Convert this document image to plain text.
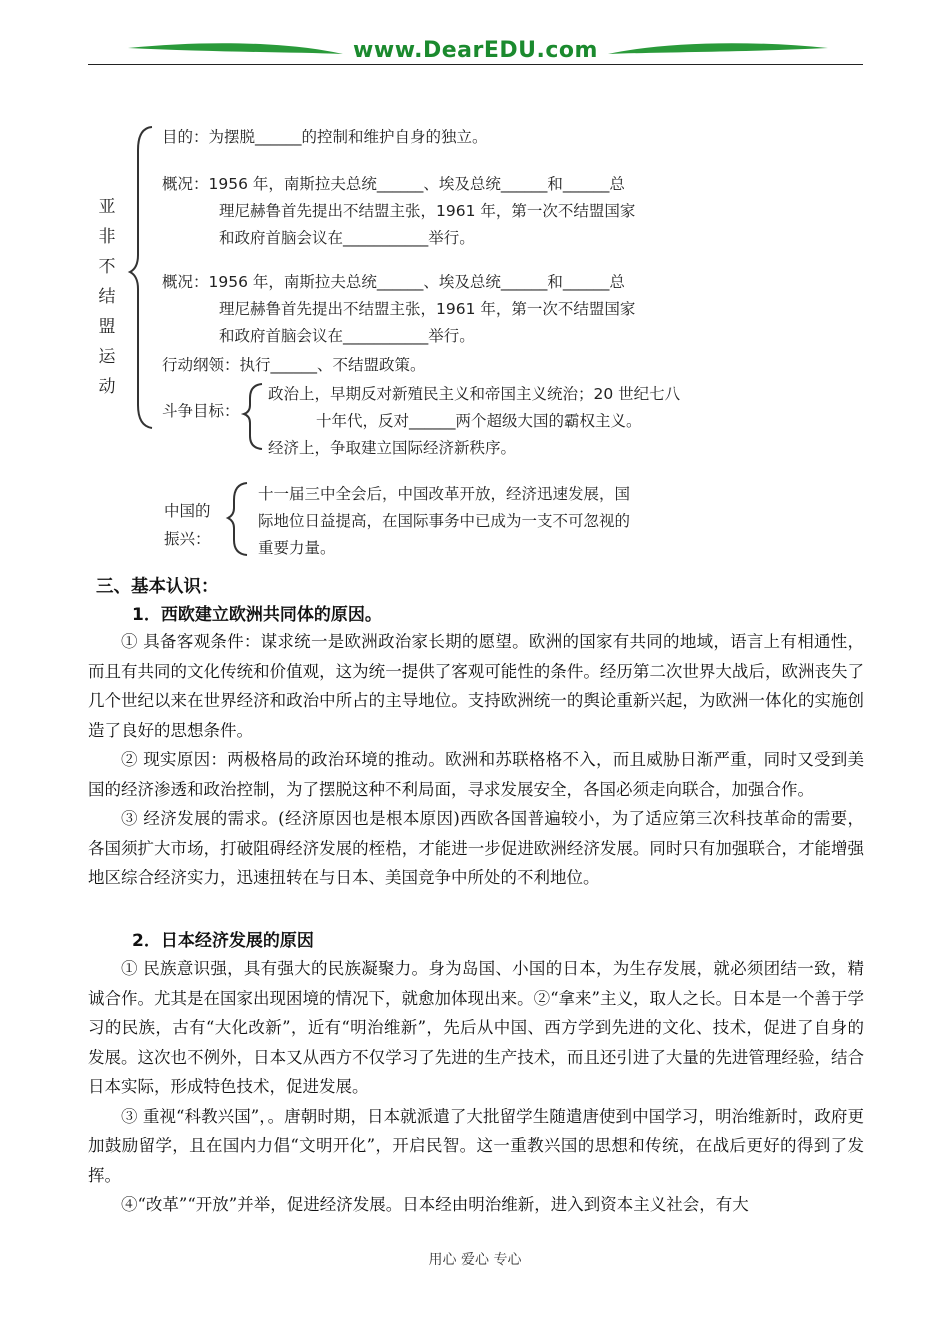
www.DearEDU.com
亚
非
不
结
盟
运
动
目的：为摆脱______的控制和维护自身的独立。
概况：1956 年，南斯拉夫总统______、埃及总统______和______总
理尼赫鲁首先提出不结盟主张，1961 年，第一次不结盟国家
和政府首脑会议在___________举行。
概况：1956 年，南斯拉夫总统______、埃及总统______和______总
理尼赫鲁首先提出不结盟主张，1961 年，第一次不结盟国家
和政府首脑会议在___________举行。
行动纲领：执行______、不结盟政策。
斗争目标：
政治上，早期反对新殖民主义和帝国主义统治；20 世纪七八
十年代，反对______两个超级大国的霸权主义。
经济上，争取建立国际经济新秩序。
中国的
振兴：
十一届三中全会后，中国改革开放，经济迅速发展，国
际地位日益提高，在国际事务中已成为一支不可忽视的
重要力量。
三、基本认识：
1．西欧建立欧洲共同体的原因。

① 具备客观条件：谋求统一是欧洲政治家长期的愿望。欧洲的国家有共同的地域，语言上有相通性，而且有共同的文化传统和价值观，这为统一提供了客观可能性的条件。经历第二次世界大战后，欧洲丧失了几个世纪以来在世界经济和政治中所占的主导地位。支持欧洲统一的舆论重新兴起，为欧洲一体化的实施创造了良好的思想条件。

② 现实原因：两极格局的政治环境的推动。欧洲和苏联格格不入，而且威胁日渐严重，同时又受到美国的经济渗透和政治控制，为了摆脱这种不利局面，寻求发展安全，各国必须走向联合，加强合作。

③ 经济发展的需求。(经济原因也是根本原因)西欧各国普遍较小，为了适应第三次科技革命的需要，各国须扩大市场，打破阻碍经济发展的桎梏，才能进一步促进欧洲经济发展。同时只有加强联合，才能增强地区综合经济实力，迅速扭转在与日本、美国竞争中所处的不利地位。

2．日本经济发展的原因

① 民族意识强，具有强大的民族凝聚力。身为岛国、小国的日本，为生存发展，就必须团结一致，精诚合作。尤其是在国家出现困境的情况下，就愈加体现出来。②“拿来”主义，取人之长。日本是一个善于学习的民族，古有“大化改新”，近有“明治维新”，先后从中国、西方学到先进的文化、技术，促进了自身的发展。这次也不例外，日本又从西方不仅学习了先进的生产技术，而且还引进了大量的先进管理经验，结合日本实际，形成特色技术，促进发展。

③ 重视“科教兴国”，。唐朝时期，日本就派遣了大批留学生随遣唐使到中国学习，明治维新时，政府更加鼓励留学，且在国内力倡“文明开化”，开启民智。这一重教兴国的思想和传统，在战后更好的得到了发挥。

④“改革”“开放”并举，促进经济发展。日本经由明治维新，进入到资本主义社会，有大

用心 爱心 专心
